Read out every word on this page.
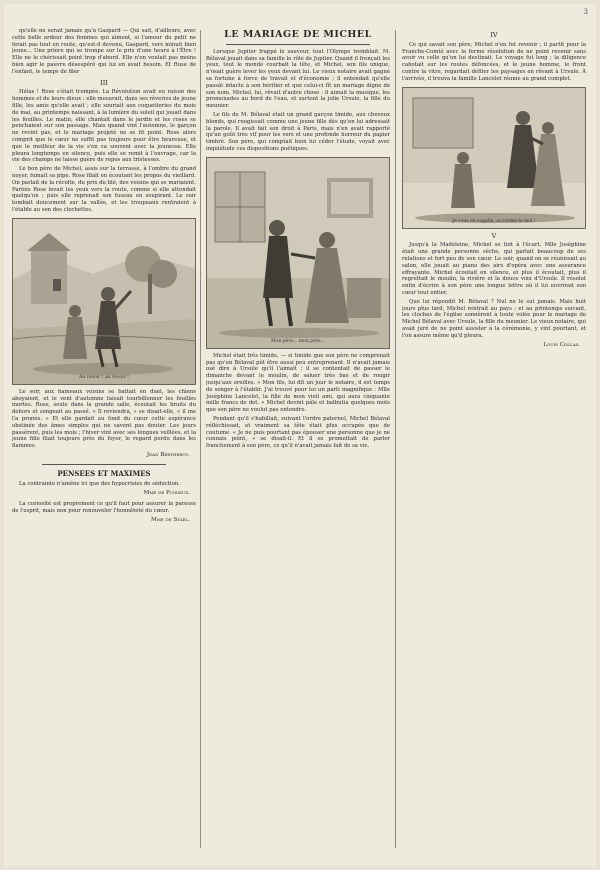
3

qu'elle ne serait jamais qu'à Gaspard — Qui sait, d'ailleurs, avec cette belle ardeur des femmes qui aiment, si l'amour du petit ne ferait pas tout en route, qu'est-il devenu, Gaspard, vers minuit bien jeune... Une prière qui se trompe sur le prix d'une heure à l'Être ! Elle ne le chérissait point trop d'abord. Elle n'en voulait pas moins bien agir le pauvre désespéré qui lui en avait besoin. Et Ruse de l'enfant, le temps de filer

III

Hélas ! Rose s'était trompée. La Révolution avait eu raison des hommes et de leurs dieux ; elle mesurait, dans ses rêveries de jeune fille, les amis qu'elle avait ; elle souriait aux coquetteries du mois de mai, au printemps naissant, à la lumière du soleil qui jouait dans les feuilles. Le matin, elle chantait dans le jardin et les roses se penchaient sur son passage. Mais quand vint l'automne, le garçon ne revint pas, et le mariage projeté ne se fit point. Rose alors comprit que le cœur ne suffit pas toujours pour être heureuse, et que le meilleur de la vie s'en va souvent avec la jeunesse. Elle pleura longtemps en silence, puis elle se remit à l'ouvrage, car la vie des champs ne laisse guère de repos aux tristesses.

Le bon père de Michel, assis sur la terrasse, à l'ombre du grand noyer, fumait sa pipe. Rose filait en écoutant les propos du vieillard. On parlait de la récolte, du prix du blé, des voisins qui se mariaient. Parfois Rose levait les yeux vers la route, comme si elle attendait quelqu'un ; puis elle reprenait son fuseau en soupirant. Le soir tombait doucement sur la vallée, et les troupeaux rentraient à l'étable au son des clochettes.

Au revoir ! au revoir !

Le soir, aux hameaux voisins se battait en duel, les chiens aboyaient, et le vent d'automne faisait tourbillonner les feuilles mortes. Rose, seule dans la grande salle, écoutait les bruits du dehors et songeait au passé. « Il reviendra, » se disait-elle, « il me l'a promis. » Et elle gardait au fond du cœur cette espérance obstinée des âmes simples qui ne savent pas douter. Les jours passèrent, puis les mois ; l'hiver vint avec ses longues veillées, et la jeune fille filait toujours près du foyer, le regard perdu dans les flammes.

Jean Bertheroy.
PENSEES ET MAXIMES

La contrainte n'amène ici que des hypocrisies de séduction.

Mme de Puisieux.

La curiosité est proprement ce qu'il faut pour assurer la paresse de l'esprit, mais non pour renouveler l'honnêteté du cœur.

Mme de Staël.
LE MARIAGE DE MICHEL

Lorsque Jupiter frappé le sauveur, tout l'Olympe tremblait. M. Bélaval jouait dans sa famille le rôle de Jupiter. Quand il fronçait les yeux, tout le monde courbait la tête, et Michel, son fils unique, n'osait guère lever les yeux devant lui. Le vieux notaire avait gagné sa fortune à force de travail et d'économie ; il entendait qu'elle passât intacte à son héritier et que celui-ci fît un mariage digne de son nom. Michel, lui, rêvait d'autre chose : il aimait la musique, les promenades au bord de l'eau, et surtout la jolie Ursule, la fille du meunier.

Le fils de M. Bélaval était un grand garçon timide, aux cheveux blonds, qui rougissait comme une jeune fille dès qu'on lui adressait la parole. Il avait fait son droit à Paris, mais n'en avait rapporté qu'un goût très vif pour les vers et une profonde horreur du papier timbré. Son père, qui comptait bien lui céder l'étude, voyait avec inquiétude ces dispositions poétiques.

Mon père... mon père...

Michel était très timide, — si timide que son père ne comprenait pas qu'un Bélaval pût être aussi peu entreprenant. Il n'avait jamais osé dire à Ursule qu'il l'aimait ; il se contentait de passer le dimanche devant le moulin, de saluer très bas et de rougir jusqu'aux oreilles. « Mon fils, lui dit un jour le notaire, il est temps de songer à l'établir. J'ai trouvé pour toi un parti magnifique : Mlle Joséphine Lancelot, la fille de mon vieil ami, qui aura cinquante mille francs de dot. » Michel devint pâle et balbutia quelques mots que son père ne voulut pas entendre.

Pendant qu'il s'habillait, suivant l'ordre paternel, Michel Bélaval réfléchissait, et vraiment sa tête était plus occupée que de coutume. « Je ne puis pourtant pas épouser une personne que je ne connais point, » se disait-il. Et il se promettait de parler franchement à son père, ce qu'il n'avait jamais fait de sa vie.

IV

Ce qui savait son père, Michel n'en fut revenir ; il partit pour la Franche-Comté avec la ferme résolution de ne point revenir sans avoir vu celle qu'on lui destinait. Le voyage fut long ; la diligence cahotait sur les routes défoncées, et le jeune homme, le front contre la vitre, regardait défiler les paysages en rêvant à Ursule. À l'arrivée, il trouva la famille Lancelot réunie au grand complet.

Je vous en supplie, accordez-la-moi !
V

Jusqu'à la Madeleine, Michel se tint à l'écart. Mlle Joséphine était une grande personne sèche, qui parlait beaucoup de ses relations et fort peu de son cœur. Le soir, quand on se réunissait au salon, elle jouait au piano des airs d'opéra avec une assurance effrayante. Michel écoutait en silence, et plus il écoutait, plus il regrettait le moulin, la rivière et la douce voix d'Ursule. Il résolut enfin d'écrire à son père une longue lettre où il lui ouvrirait son cœur tout entier.

Que lui répondit M. Bélaval ? Nul ne le sut jamais. Mais huit jours plus tard, Michel rentrait au pays ; et au printemps suivant, les cloches de l'église sonnèrent à toute volée pour le mariage de Michel Bélaval avec Ursule, la fille du meunier. Le vieux notaire, qui avait juré de ne point assister à la cérémonie, y vint pourtant, et l'on assure même qu'il pleura.

Louis Collas.
